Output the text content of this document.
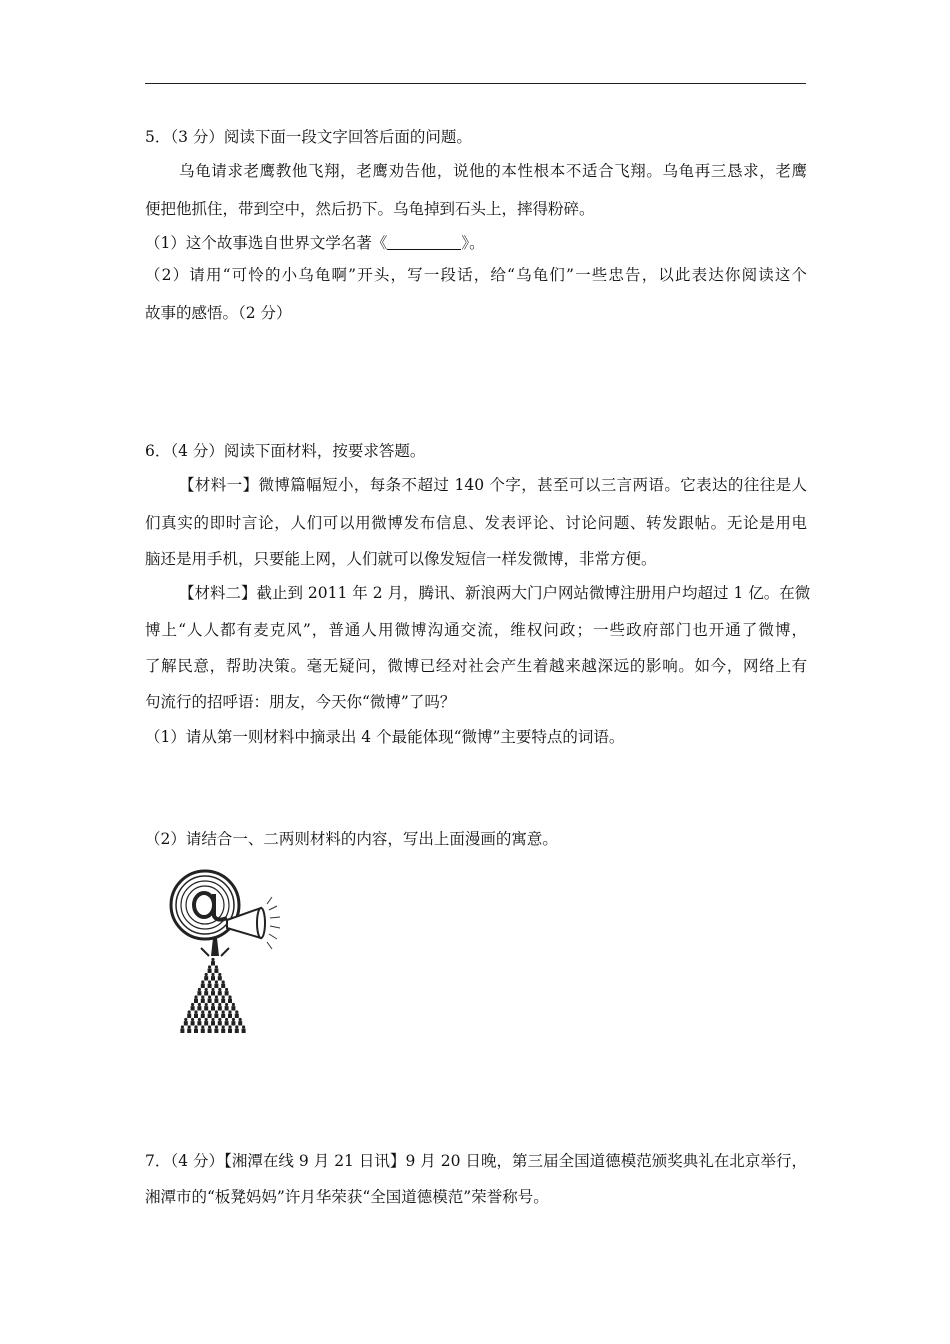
5．（3 分）阅读下面一段文字回答后面的问题。
乌龟请求老鹰教他飞翔，老鹰劝告他，说他的本性根本不适合飞翔。乌龟再三恳求，老鹰
便把他抓住，带到空中，然后扔下。乌龟掉到石头上，摔得粉碎。
（1）这个故事选自世界文学名著《	》。
（2）请用“可怜的小乌龟啊”开头，写一段话，给“乌龟们”一些忠告，以此表达你阅读这个
故事的感悟。（2 分）
6．（4 分）阅读下面材料，按要求答题。
【材料一】微博篇幅短小，每条不超过 140 个字，甚至可以三言两语。它表达的往往是人
们真实的即时言论，人们可以用微博发布信息、发表评论、讨论问题、转发跟帖。无论是用电
脑还是用手机，只要能上网，人们就可以像发短信一样发微博，非常方便。
【材料二】截止到 2011 年 2 月，腾讯、新浪两大门户网站微博注册用户均超过 1 亿。在微
博上“人人都有麦克风”，普通人用微博沟通交流，维权问政；一些政府部门也开通了微博，
了解民意，帮助决策。毫无疑问，微博已经对社会产生着越来越深远的影响。如今，网络上有
句流行的招呼语：朋友，今天你“微博”了吗？
（1）请从第一则材料中摘录出 4 个最能体现“微博”主要特点的词语。
（2）请结合一、二两则材料的内容，写出上面漫画的寓意。
7．（4 分）【湘潭在线 9 月 21 日讯】9 月 20 日晚，第三届全国道德模范颁奖典礼在北京举行，
湘潭市的“板凳妈妈”许月华荣获“全国道德模范”荣誉称号。
